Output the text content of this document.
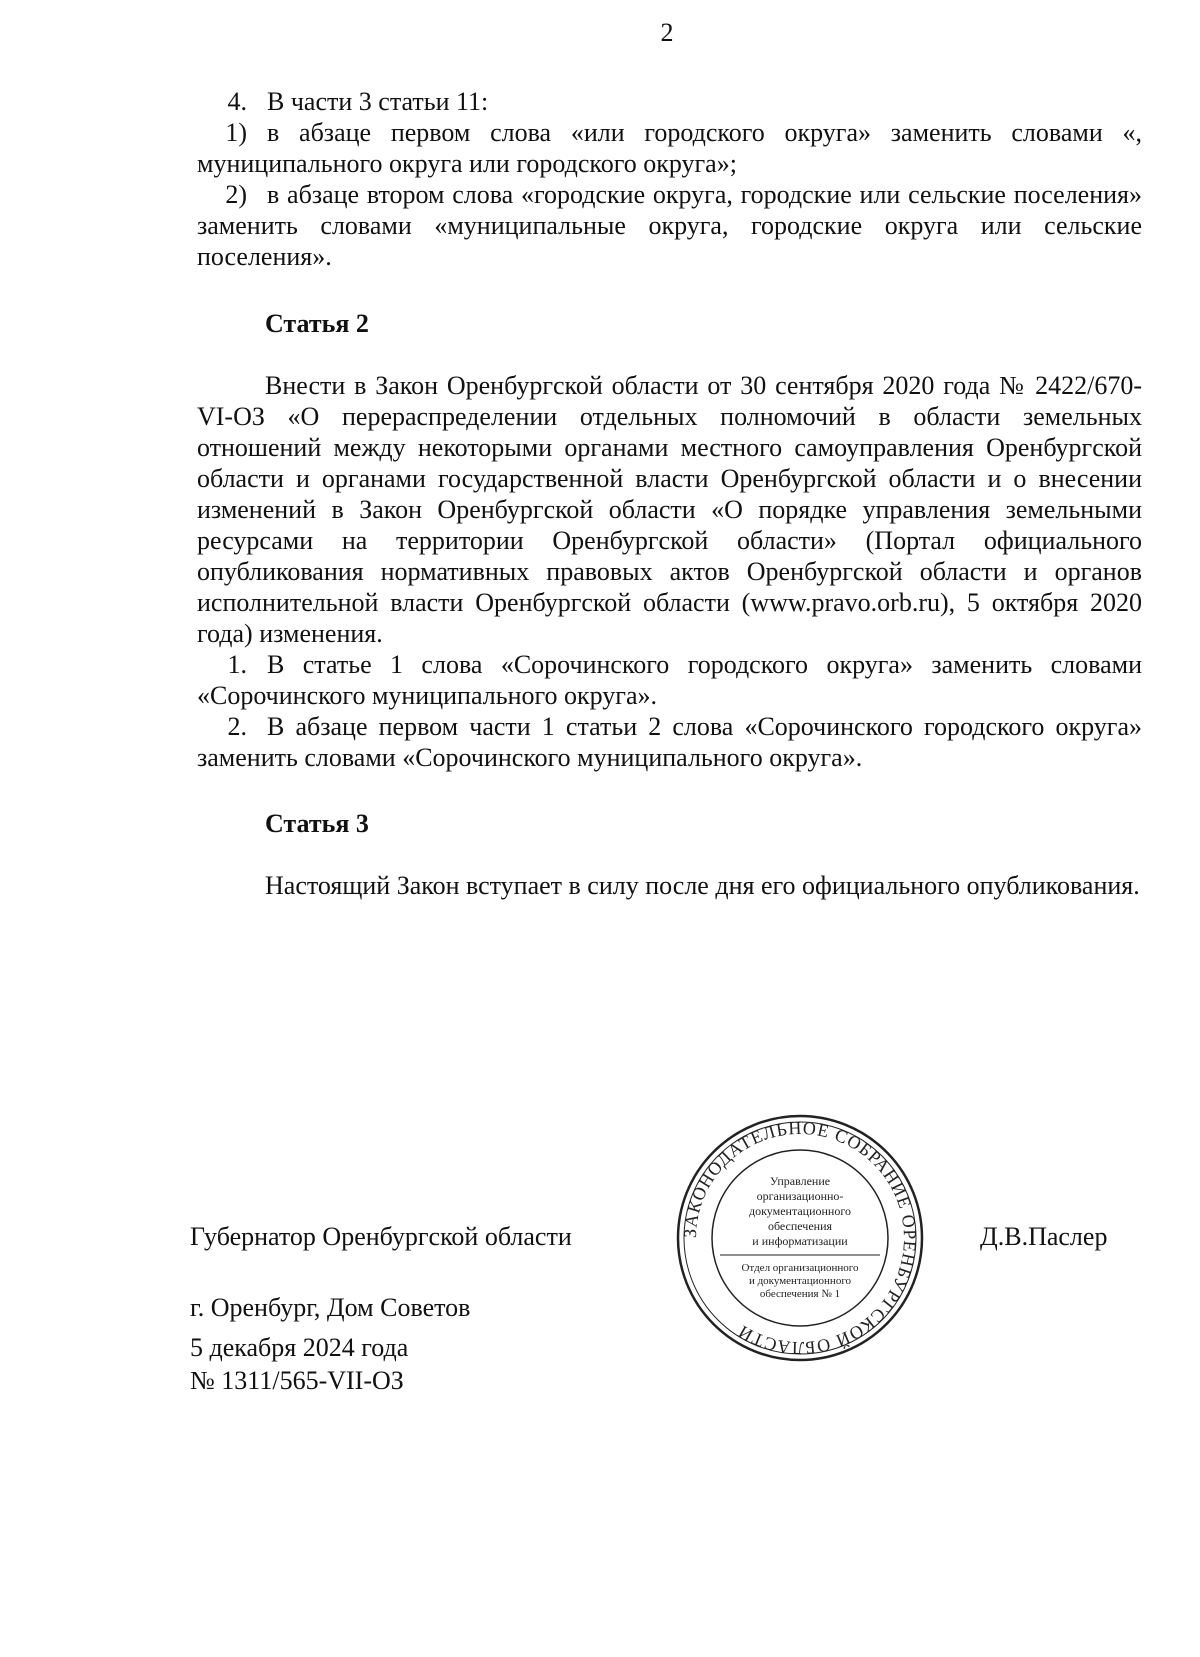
2
4. В части 3 статьи 11:
1) в абзаце первом слова «или городского округа» заменить словами «, муниципального округа или городского округа»;
2) в абзаце втором слова «городские округа, городские или сельские поселения» заменить словами «муниципальные округа, городские округа или сельские поселения».
Статья 2
Внести в Закон Оренбургской области от 30 сентября 2020 года № 2422/670-VI-ОЗ «О перераспределении отдельных полномочий в области земельных отношений между некоторыми органами местного самоуправления Оренбургской области и органами государственной власти Оренбургской области и о внесении изменений в Закон Оренбургской области «О порядке управления земельными ресурсами на территории Оренбургской области» (Портал официального опубликования нормативных правовых актов Оренбургской области и органов исполнительной власти Оренбургской области (www.pravo.orb.ru), 5 октября 2020 года) изменения.
1. В статье 1 слова «Сорочинского городского округа» заменить словами «Сорочинского муниципального округа».
2. В абзаце первом части 1 статьи 2 слова «Сорочинского городского округа» заменить словами «Сорочинского муниципального округа».
Статья 3
Настоящий Закон вступает в силу после дня его официального опубликования.
Губернатор Оренбургской области	Д.В.Паслер
г. Оренбург, Дом Советов
5 декабря 2024 года
№ 1311/565-VII-ОЗ
ЗАКОНОДАТЕЛЬНОЕ СОБРАНИЕ ОРЕНБУРГСКОЙ ОБЛАСТИ
Управление
организационно-
документационного
обеспечения
и информатизации
Отдел организационного
и документационного
обеспечения № 1
